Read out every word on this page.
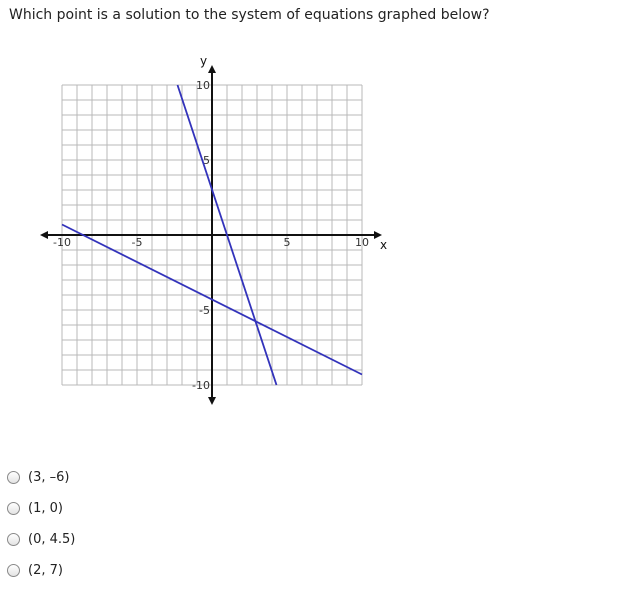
Which point is a solution to the system of equations graphed below?
x
y
-10	-5	5	10
10
5
-5
-10
(3, –6)
(1, 0)
(0, 4.5)
(2, 7)
